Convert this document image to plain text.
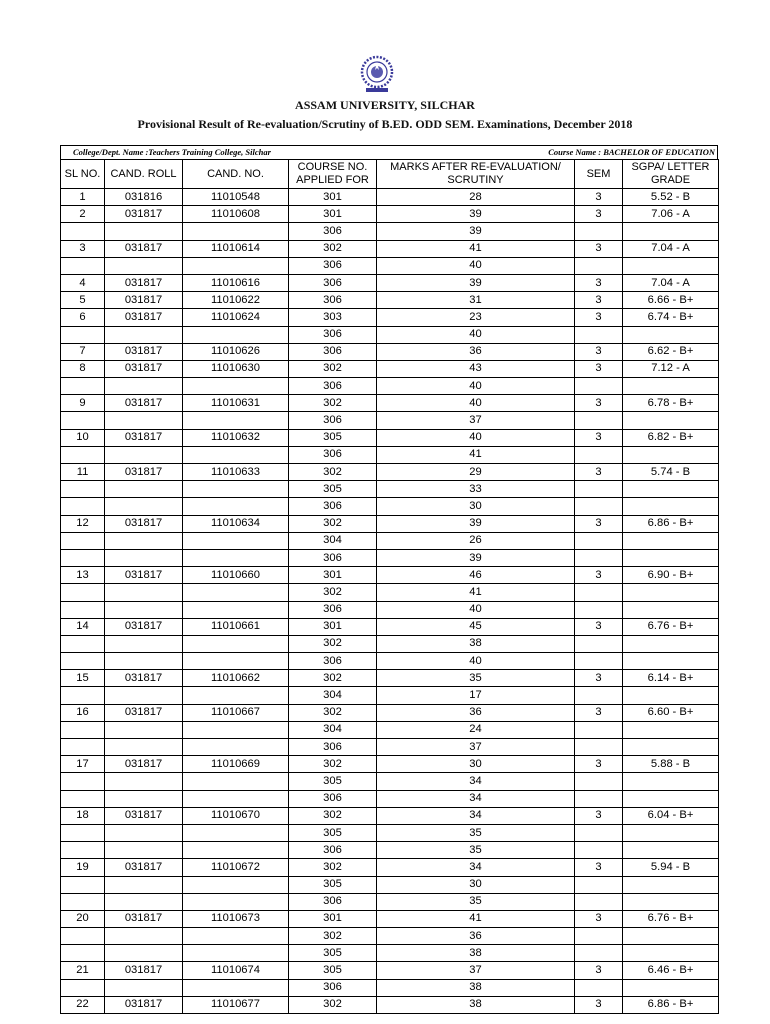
ASSAM UNIVERSITY, SILCHAR
Provisional Result of Re-evaluation/Scrutiny of B.ED. ODD SEM. Examinations, December 2018
College/Dept. Name :Teachers Training College, Silchar	Course Name : BACHELOR OF EDUCATION
SL NO.	CAND. ROLL	CAND. NO.	COURSE NO. APPLIED FOR	MARKS AFTER RE-EVALUATION/ SCRUTINY	SEM	SGPA/ LETTER GRADE
1	031816	11010548	301	28	3	5.52 - B
2	031817	11010608	301	39	3	7.06 - A
			306	39		
3	031817	11010614	302	41	3	7.04 - A
			306	40		
4	031817	11010616	306	39	3	7.04 - A
5	031817	11010622	306	31	3	6.66 - B+
6	031817	11010624	303	23	3	6.74 - B+
			306	40		
7	031817	11010626	306	36	3	6.62 - B+
8	031817	11010630	302	43	3	7.12 - A
			306	40		
9	031817	11010631	302	40	3	6.78 - B+
			306	37		
10	031817	11010632	305	40	3	6.82 - B+
			306	41		
11	031817	11010633	302	29	3	5.74 - B
			305	33		
			306	30		
12	031817	11010634	302	39	3	6.86 - B+
			304	26		
			306	39		
13	031817	11010660	301	46	3	6.90 - B+
			302	41		
			306	40		
14	031817	11010661	301	45	3	6.76 - B+
			302	38		
			306	40		
15	031817	11010662	302	35	3	6.14 - B+
			304	17		
16	031817	11010667	302	36	3	6.60 - B+
			304	24		
			306	37		
17	031817	11010669	302	30	3	5.88 - B
			305	34		
			306	34		
18	031817	11010670	302	34	3	6.04 - B+
			305	35		
			306	35		
19	031817	11010672	302	34	3	5.94 - B
			305	30		
			306	35		
20	031817	11010673	301	41	3	6.76 - B+
			302	36		
			305	38		
21	031817	11010674	305	37	3	6.46 - B+
			306	38		
22	031817	11010677	302	38	3	6.86 - B+
